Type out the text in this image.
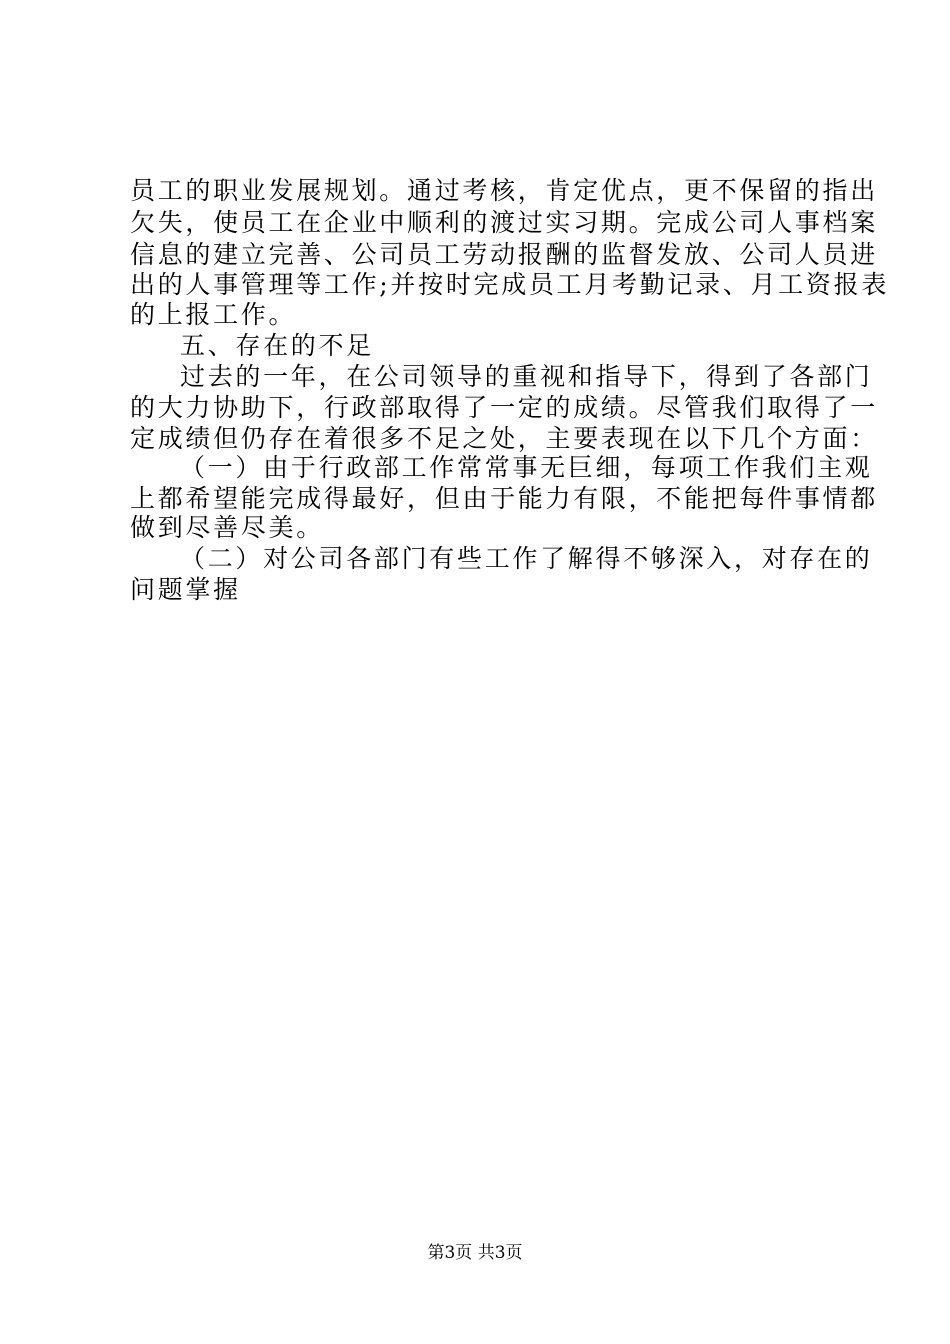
员工的职业发展规划。通过考核，肯定优点，更不保留的指出
欠失，使员工在企业中顺利的渡过实习期。完成公司人事档案
信息的建立完善、公司员工劳动报酬的监督发放、公司人员进
出的人事管理等工作;并按时完成员工月考勤记录、月工资报表
的上报工作。
五、存在的不足
过去的一年，在公司领导的重视和指导下，得到了各部门
的大力协助下，行政部取得了一定的成绩。尽管我们取得了一
定成绩但仍存在着很多不足之处，主要表现在以下几个方面：
（一）由于行政部工作常常事无巨细，每项工作我们主观
上都希望能完成得最好，但由于能力有限，不能把每件事情都
做到尽善尽美。
（二）对公司各部门有些工作了解得不够深入，对存在的
问题掌握
第3页 共3页
